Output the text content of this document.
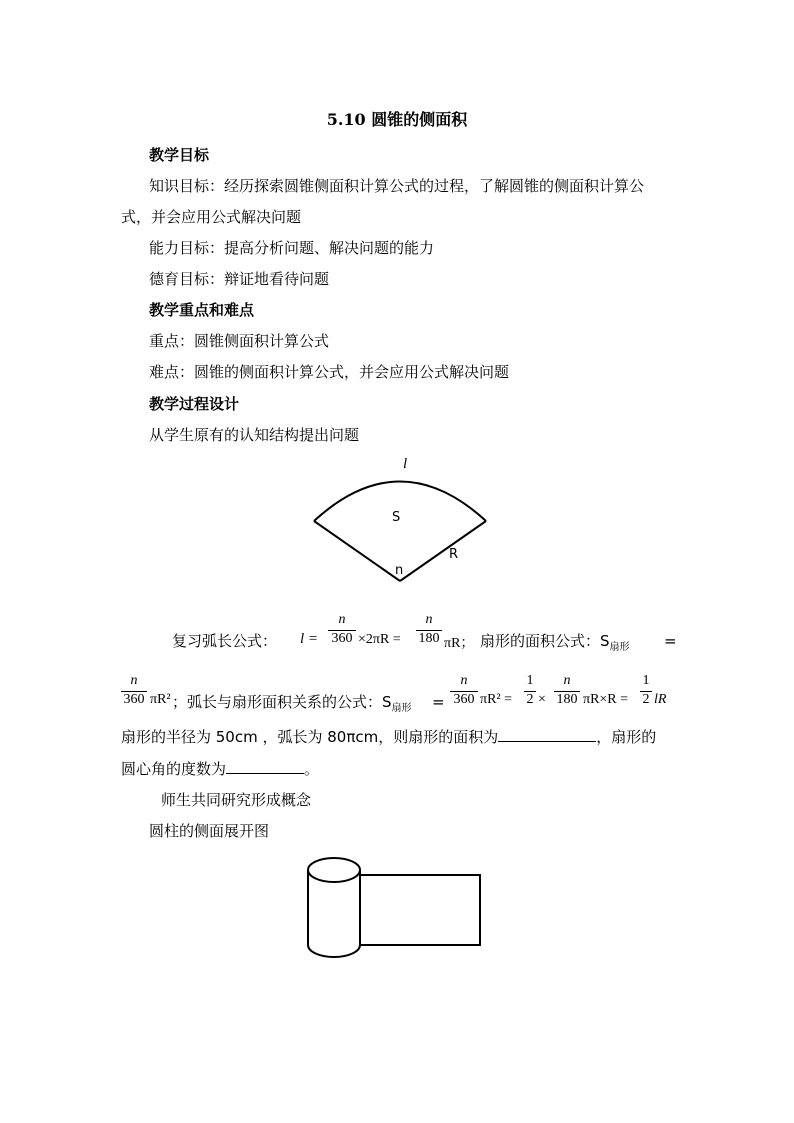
5.10 圆锥的侧面积
教学目标
知识目标：经历探索圆锥侧面积计算公式的过程，了解圆锥的侧面积计算公
式，并会应用公式解决问题
能力目标：提高分析问题、解决问题的能力
德育目标：辩证地看待问题
教学重点和难点
重点：圆锥侧面积计算公式
难点：圆锥的侧面积计算公式，并会应用公式解决问题
教学过程设计
从学生原有的认知结构提出问题
l
S
R
n
复习弧长公式： l =
n
360 ×2πR =
n
180 πR； 扇形的面积公式：$S_{扇形}$ =
n
360 πR² ；弧长与扇形面积关系的公式：$S_{扇形}$ =
n
360 πR² =
1
2 ×
n
180 πR×R =
1
2 lR
扇形的半径为 50cm ，弧长为 80πcm，则扇形的面积为	，扇形的
圆心角的度数为	。
师生共同研究形成概念
圆柱的侧面展开图
